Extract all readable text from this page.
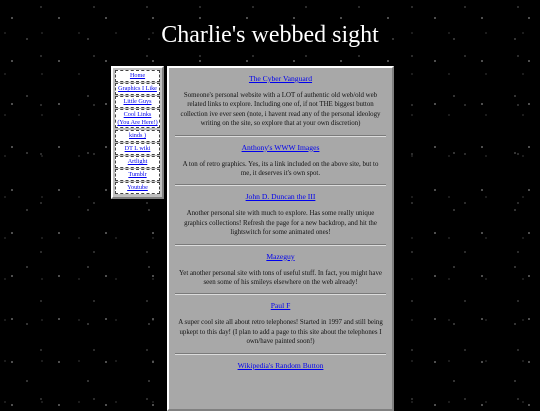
Charlie's webbed sight
Home
Graphics I Like
Little Guys
Cool Links (You Are Here!)
kinds )
DT L wiki
Artlight
Tumblr
Youtube
The Cyber Vanguard

Someone's personal website with a LOT of authentic old web/old web related links to explore. Including one of, if not THE biggest button collection ive ever seen (note, i havent read any of the personal ideology writing on the site, so explore that at your own discretion)

Anthony's WWW Images

A ton of retro graphics. Yes, its a link included on the above site, but to me, it deserves it's own spot.

John D. Duncan the III

Another personal site with much to explore. Has some really unique graphics collections! Refresh the page for a new backdrop, and hit the lightswitch for some animated ones!

Mazeguy

Yet another personal site with tons of useful stuff. In fact, you might have seen some of his smileys elsewhere on the web already!

Paul F

A super cool site all about retro telephones! Started in 1997 and still being upkept to this day! (I plan to add a page to this site about the telephones I own/have painted soon!)

Wikipedia's Random Button
